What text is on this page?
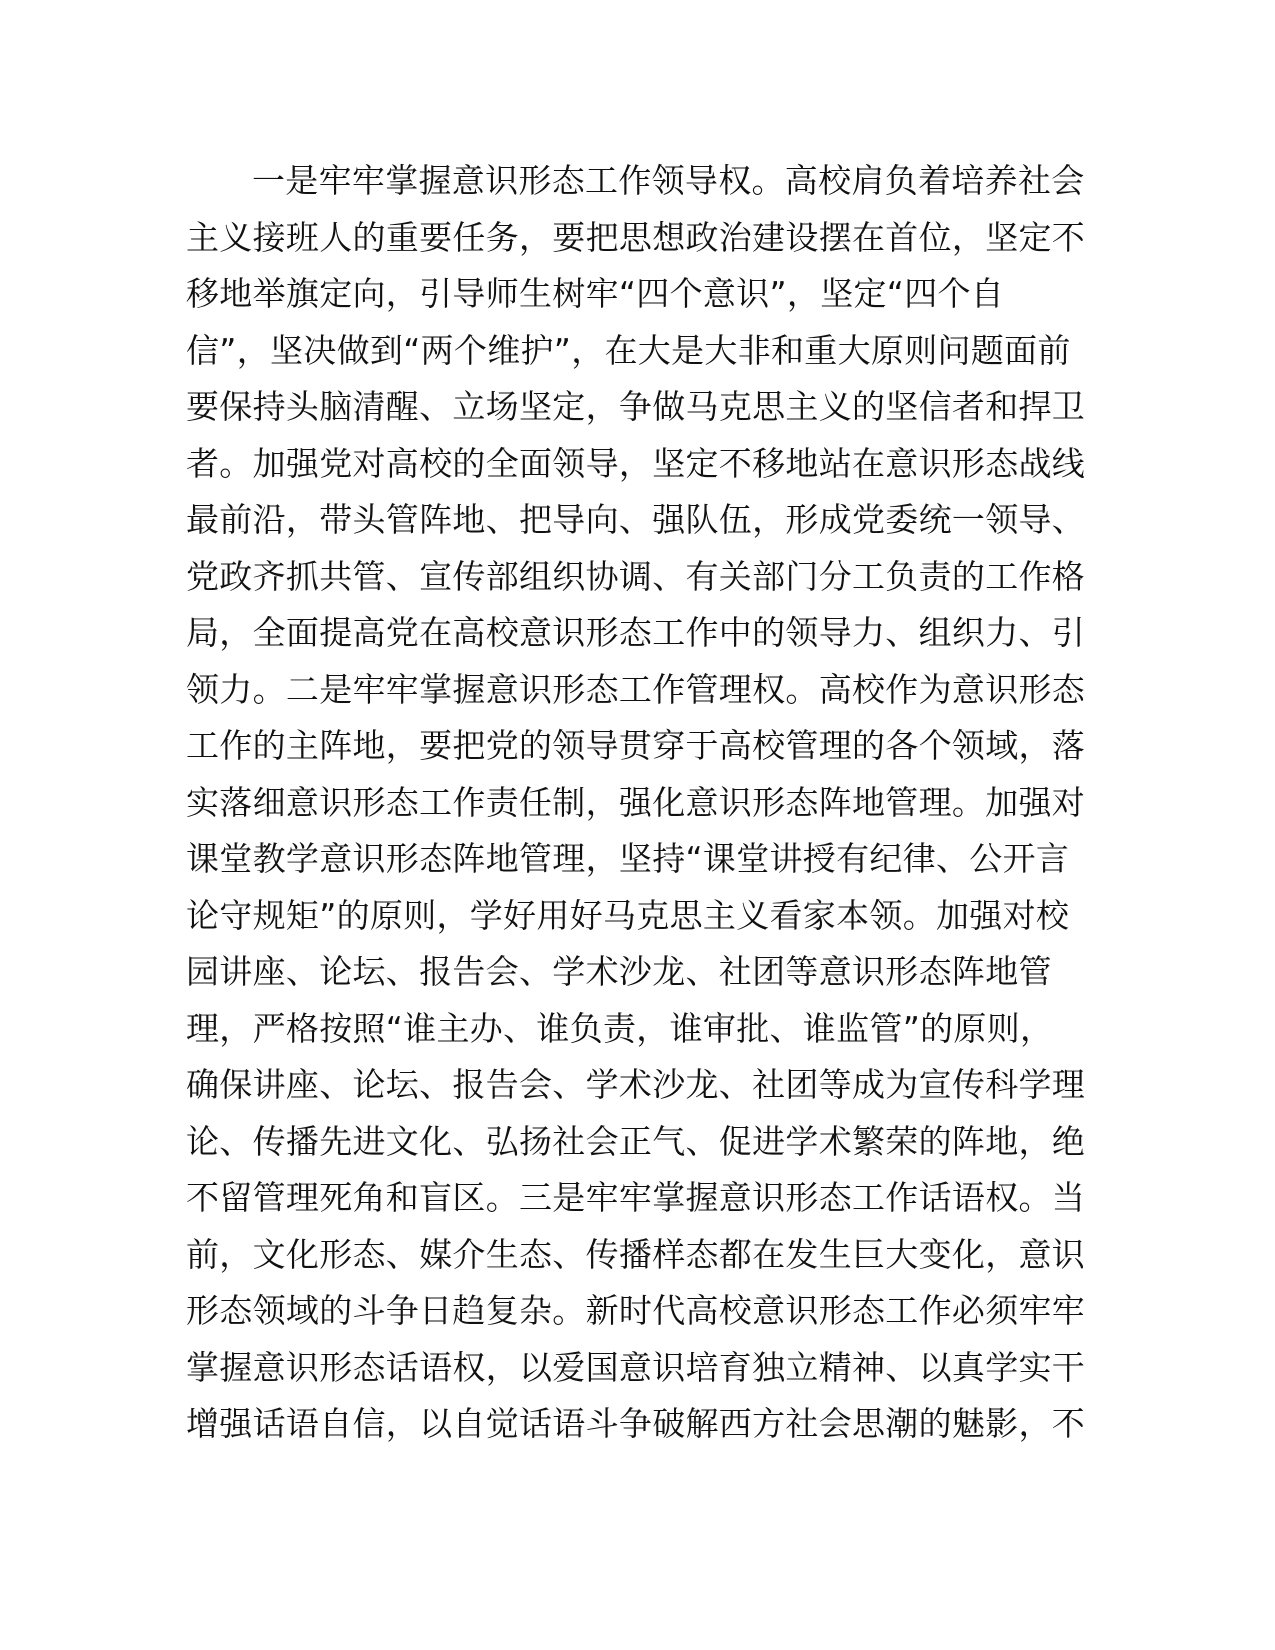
一是牢牢掌握意识形态工作领导权。高校肩负着培养社会
主义接班人的重要任务，要把思想政治建设摆在首位，坚定不
移地举旗定向，引导师生树牢“四个意识”，坚定“四个自
信”，坚决做到“两个维护”，在大是大非和重大原则问题面前
要保持头脑清醒、立场坚定，争做马克思主义的坚信者和捍卫
者。加强党对高校的全面领导，坚定不移地站在意识形态战线
最前沿，带头管阵地、把导向、强队伍，形成党委统一领导、
党政齐抓共管、宣传部组织协调、有关部门分工负责的工作格
局，全面提高党在高校意识形态工作中的领导力、组织力、引
领力。二是牢牢掌握意识形态工作管理权。高校作为意识形态
工作的主阵地，要把党的领导贯穿于高校管理的各个领域，落
实落细意识形态工作责任制，强化意识形态阵地管理。加强对
课堂教学意识形态阵地管理，坚持“课堂讲授有纪律、公开言
论守规矩”的原则，学好用好马克思主义看家本领。加强对校
园讲座、论坛、报告会、学术沙龙、社团等意识形态阵地管
理，严格按照“谁主办、谁负责，谁审批、谁监管”的原则，
确保讲座、论坛、报告会、学术沙龙、社团等成为宣传科学理
论、传播先进文化、弘扬社会正气、促进学术繁荣的阵地，绝
不留管理死角和盲区。三是牢牢掌握意识形态工作话语权。当
前，文化形态、媒介生态、传播样态都在发生巨大变化，意识
形态领域的斗争日趋复杂。新时代高校意识形态工作必须牢牢
掌握意识形态话语权，以爱国意识培育独立精神、以真学实干
增强话语自信，以自觉话语斗争破解西方社会思潮的魅影，不
